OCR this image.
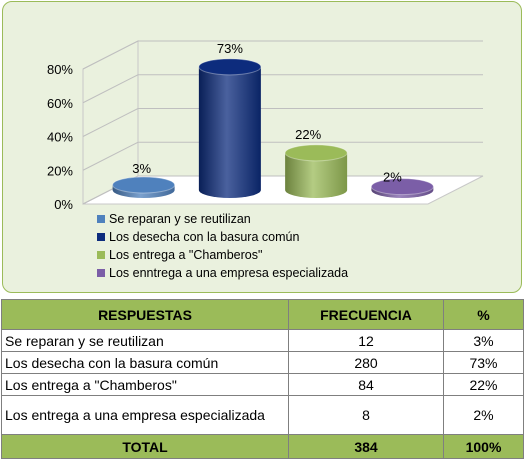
0%
20%
40%
60%
80%
3%
73%
22%
2%
Se reparan y se reutilizan
Los desecha con la basura común
Los entrega a "Chamberos"
Los enntrega a una empresa especializada
RESPUESTAS	FRECUENCIA	%
Se reparan y se reutilizan	12	3%
Los desecha con la basura común	280	73%
Los entrega a "Chamberos"	84	22%
Los entrega a una empresa especializada	8	2%
TOTAL	384	100%
